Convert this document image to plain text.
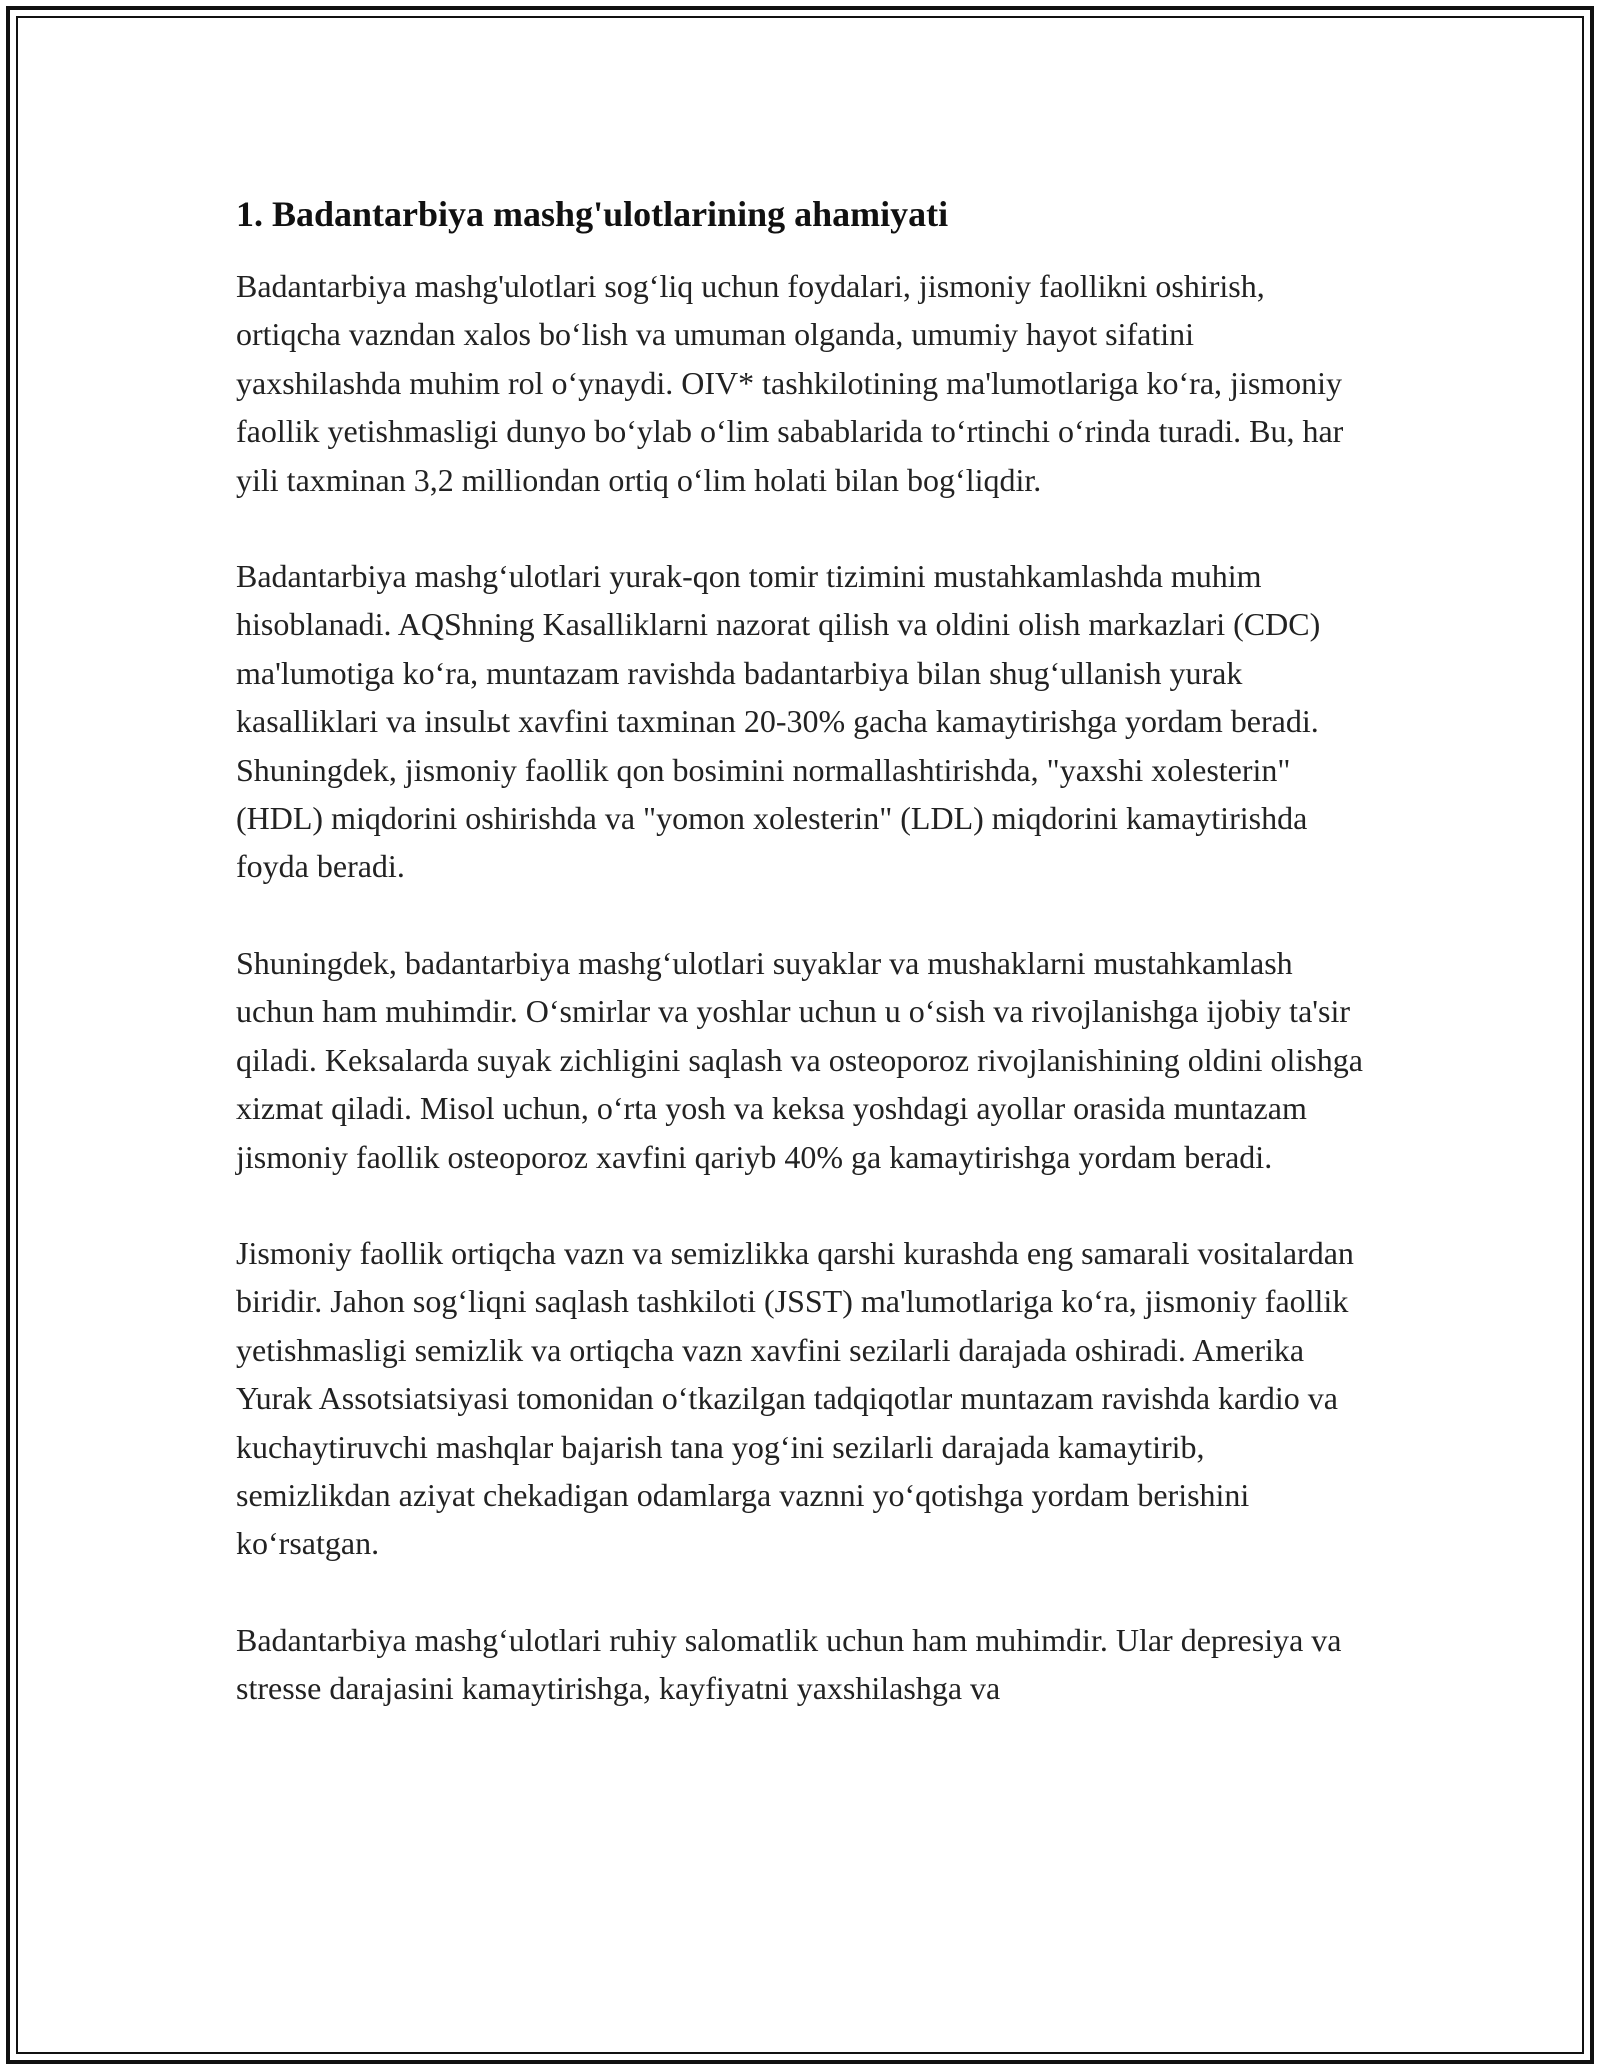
1. Badantarbiya mashg'ulotlarining ahamiyati

Badantarbiya mashg'ulotlari sog‘liq uchun foydalari, jismoniy faollikni oshirish, ortiqcha vazndan xalos bo‘lish va umuman olganda, umumiy hayot sifatini yaxshilashda muhim rol o‘ynaydi. OIV* tashkilotining ma'lumotlariga ko‘ra, jismoniy faollik yetishmasligi dunyo bo‘ylab o‘lim sabablarida to‘rtinchi o‘rinda turadi. Bu, har yili taxminan 3,2 milliondan ortiq o‘lim holati bilan bog‘liqdir.

Badantarbiya mashg‘ulotlari yurak-qon tomir tizimini mustahkamlashda muhim hisoblanadi. AQShning Kasalliklarni nazorat qilish va oldini olish markazlari (CDC) ma'lumotiga ko‘ra, muntazam ravishda badantarbiya bilan shug‘ullanish yurak kasalliklari va insulьt xavfini taxminan 20-30% gacha kamaytirishga yordam beradi. Shuningdek, jismoniy faollik qon bosimini normallashtirishda, "yaxshi xolesterin" (HDL) miqdorini oshirishda va "yomon xolesterin" (LDL) miqdorini kamaytirishda foyda beradi.

Shuningdek, badantarbiya mashg‘ulotlari suyaklar va mushaklarni mustahkamlash uchun ham muhimdir. O‘smirlar va yoshlar uchun u o‘sish va rivojlanishga ijobiy ta'sir qiladi. Keksalarda suyak zichligini saqlash va osteoporoz rivojlanishining oldini olishga xizmat qiladi. Misol uchun, o‘rta yosh va keksa yoshdagi ayollar orasida muntazam jismoniy faollik osteoporoz xavfini qariyb 40% ga kamaytirishga yordam beradi.

Jismoniy faollik ortiqcha vazn va semizlikka qarshi kurashda eng samarali vositalardan biridir. Jahon sog‘liqni saqlash tashkiloti (JSST) ma'lumotlariga ko‘ra, jismoniy faollik yetishmasligi semizlik va ortiqcha vazn xavfini sezilarli darajada oshiradi. Amerika Yurak Assotsiatsiyasi tomonidan o‘tkazilgan tadqiqotlar muntazam ravishda kardio va kuchaytiruvchi mashqlar bajarish tana yog‘ini sezilarli darajada kamaytirib, semizlikdan aziyat chekadigan odamlarga vaznni yo‘qotishga yordam berishini ko‘rsatgan.

Badantarbiya mashg‘ulotlari ruhiy salomatlik uchun ham muhimdir. Ular depresiya va stresse darajasini kamaytirishga, kayfiyatni yaxshilashga va
